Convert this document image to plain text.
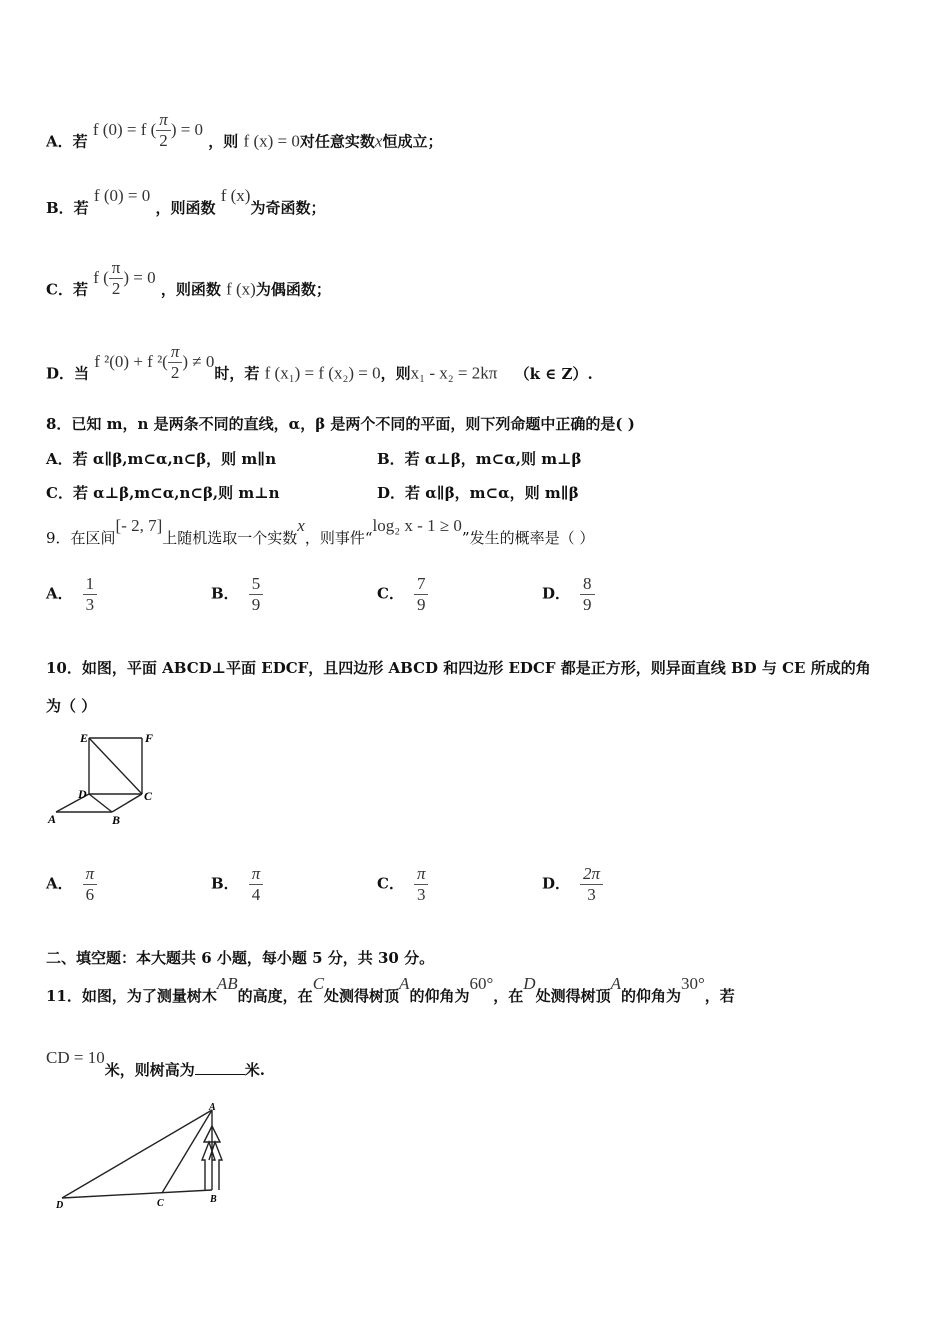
A．若 f (0) = f ( $\frac{\pi}{2}$ ) = 0 ，则 f (x) = 0对任意实数x恒成立；
B．若 f (0) = 0 ，则函数 f (x)为奇函数；
C．若 f ( $\frac{\pi}{2}$ ) = 0 ，则函数 f (x)为偶函数；
D．当 f ²(0) + f $^2( \frac{\pi}{2}$ ) ≠ 0时，若 f (x₁) = f (x₂) = 0，则x₁ - x₂ = 2kπ （k ∈ Z）.
8．已知 m，n 是两条不同的直线，α，β 是两个不同的平面，则下列命题中正确的是( )
A．若 α∥β,m⊂α,n⊂β，则 m∥n	B．若 α⊥β，m⊂α,则 m⊥β
C．若 α⊥β,m⊂α,n⊂β,则 m⊥n	D．若 α∥β，m⊂α，则 m∥β
9．在区间[- 2, 7]上随机选取一个实数x，则事件“log₂ x - 1 ≥ 0”发生的概率是（ ）
A． $\frac{1}{3}$	B． $\frac{5}{9}$	C． $\frac{7}{9}$	D． $\frac{8}{9}$
10．如图，平面 ABCD⊥平面 EDCF，且四边形 ABCD 和四边形 EDCF 都是正方形，则异面直线 BD 与 CE 所成的角
为（ ）
E	F
D	C
A	B
A． $\frac{\pi}{6}$	B． $\frac{\pi}{4}$	C． $\frac{\pi}{3}$	D． $\frac{2\pi}{3}$
二、填空题：本大题共 6 小题，每小题 5 分，共 30 分。
11．如图，为了测量树木AB的高度，在C处测得树顶A的仰角为60°，在D处测得树顶A的仰角为30°，若
CD = 10米，则树高为	米.
A
B
C
D
